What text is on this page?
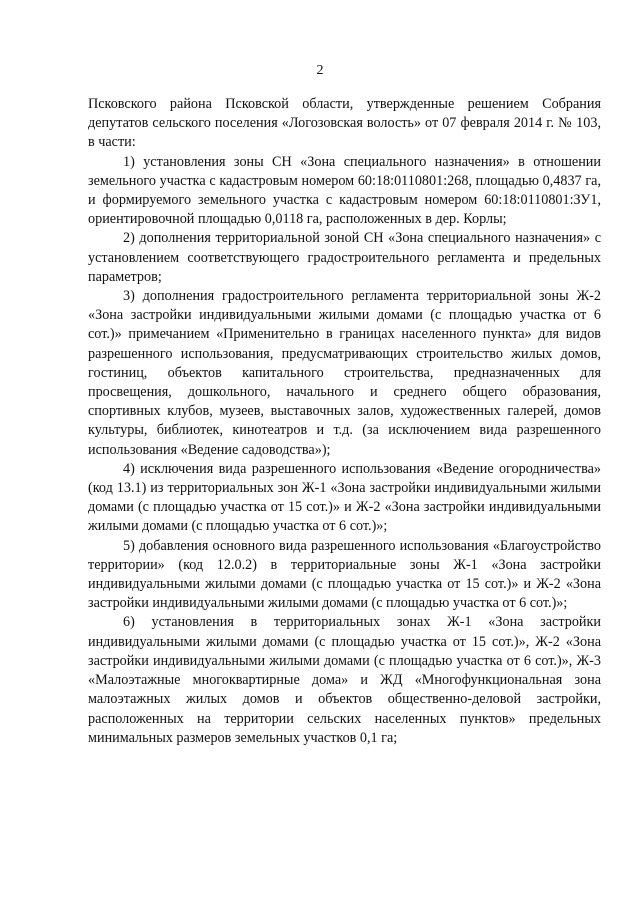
2

Псковского района Псковской области, утвержденные решением Собрания депутатов сельского поселения «Логозовская волость» от 07 февраля 2014 г. № 103, в части:

1) установления зоны СН «Зона специального назначения» в отношении земельного участка с кадастровым номером 60:18:0110801:268, площадью 0,4837 га, и формируемого земельного участка с кадастровым номером 60:18:0110801:ЗУ1, ориентировочной площадью 0,0118 га, расположенных в дер. Корлы;

2) дополнения территориальной зоной СН «Зона специального назначения» с установлением соответствующего градостроительного регламента и предельных параметров;

3) дополнения градостроительного регламента территориальной зоны Ж-2 «Зона застройки индивидуальными жилыми домами (с площадью участка от 6 сот.)» примечанием «Применительно в границах населенного пункта» для видов разрешенного использования, предусматривающих строительство жилых домов, гостиниц, объектов капитального строительства, предназначенных для просвещения, дошкольного, начального и среднего общего образования, спортивных клубов, музеев, выставочных залов, художественных галерей, домов культуры, библиотек, кинотеатров и т.д. (за исключением вида разрешенного использования «Ведение садоводства»);

4) исключения вида разрешенного использования «Ведение огородничества» (код 13.1) из территориальных зон Ж-1 «Зона застройки индивидуальными жилыми домами (с площадью участка от 15 сот.)» и Ж-2 «Зона застройки индивидуальными жилыми домами (с площадью участка от 6 сот.)»;

5) добавления основного вида разрешенного использования «Благоустройство территории» (код 12.0.2) в территориальные зоны Ж-1 «Зона застройки индивидуальными жилыми домами (с площадью участка от 15 сот.)» и Ж-2 «Зона застройки индивидуальными жилыми домами (с площадью участка от 6 сот.)»;

6) установления в территориальных зонах Ж-1 «Зона застройки индивидуальными жилыми домами (с площадью участка от 15 сот.)», Ж-2 «Зона застройки индивидуальными жилыми домами (с площадью участка от 6 сот.)», Ж-3 «Малоэтажные многоквартирные дома» и ЖД «Многофункциональная зона малоэтажных жилых домов и объектов общественно-деловой застройки, расположенных на территории сельских населенных пунктов» предельных минимальных размеров земельных участков 0,1 га;
